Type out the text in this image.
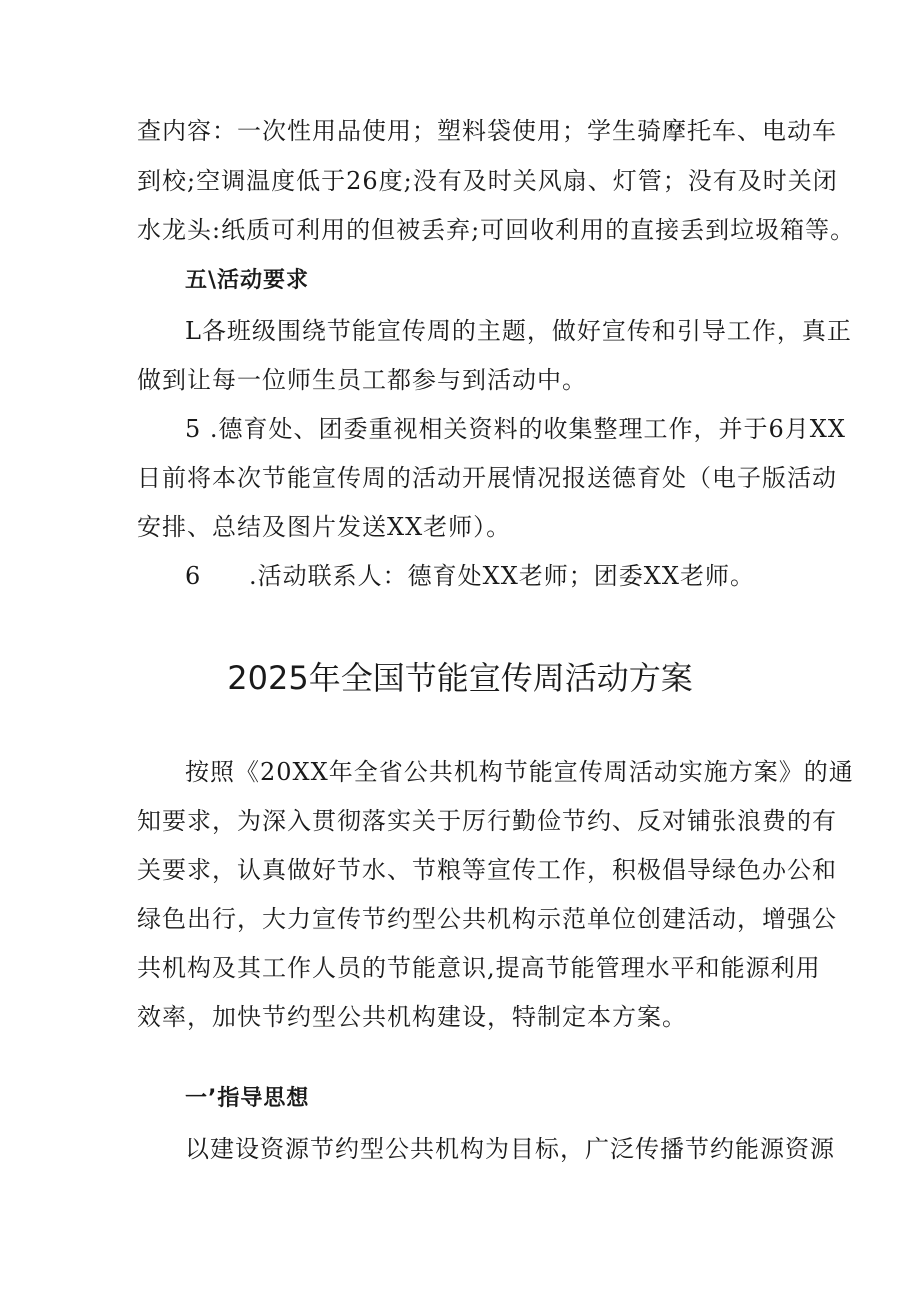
查内容：一次性用品使用；塑料袋使用；学生骑摩托车、电动车
到校;空调温度低于26度;没有及时关风扇、灯管；没有及时关闭
水龙头:纸质可利用的但被丢弃;可回收利用的直接丢到垃圾箱等。
五\活动要求
L各班级围绕节能宣传周的主题，做好宣传和引导工作，真正
做到让每一位师生员工都参与到活动中。
5 .德育处、团委重视相关资料的收集整理工作，并于6月XX
日前将本次节能宣传周的活动开展情况报送德育处（电子版活动
安排、总结及图片发送XX老师）。
6 .活动联系人：德育处XX老师；团委XX老师。
2025年全国节能宣传周活动方案
按照《20XX年全省公共机构节能宣传周活动实施方案》的通
知要求，为深入贯彻落实关于厉行勤俭节约、反对铺张浪费的有
关要求，认真做好节水、节粮等宣传工作，积极倡导绿色办公和
绿色出行，大力宣传节约型公共机构示范单位创建活动，增强公
共机构及其工作人员的节能意识,提高节能管理水平和能源利用
效率，加快节约型公共机构建设，特制定本方案。
一’指导思想
以建设资源节约型公共机构为目标，广泛传播节约能源资源
